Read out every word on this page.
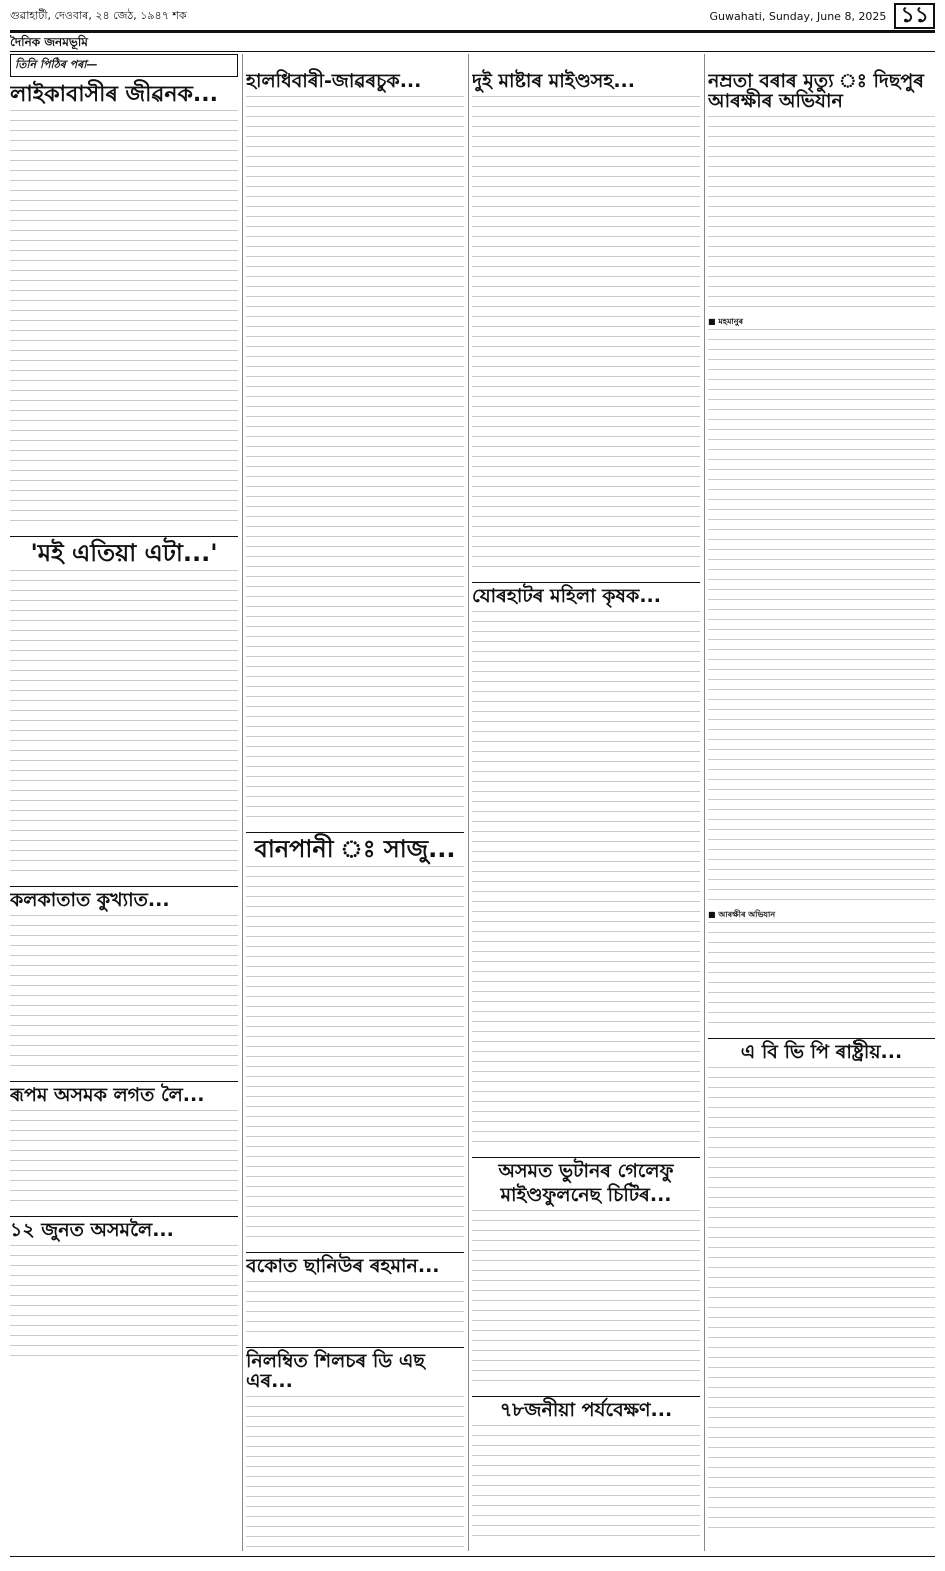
গুৱাহাটী, দেওবাৰ, ২৪ জেঠ, ১৯৪৭ শক	Guwahati, Sunday, June 8, 2025 ১১
দৈনিক জনমভূমি
তিনি পিঠিৰ পৰা—
লাইকাবাসীৰ জীৱনক...
'মই এতিয়া এটা...'
কলকাতাত কুখ্যাত...
ৰূপম অসমক লগত লৈ...
১২ জুনত অসমলৈ...
হালধিবাৰী-জাৱৰচুক...
বানপানী ঃ সাজু...
বকোত ছানিউৰ ৰহমান...
নিলম্বিত শিলচৰ ডি এছ এৰ...
দুই মাষ্টাৰ মাইণ্ডসহ...
যোৰহাটৰ মহিলা কৃষক...
অসমত ভুটানৰ গেলেফু
মাইণ্ডফুলনেছ চিটিৰ...
৭৮জনীয়া পৰ্যবেক্ষণ...
নম্ৰতা বৰাৰ মৃত্যু ঃ দিছপুৰ আৰক্ষীৰ অভিযান
■ মহমানুৰ
■ আৰক্ষীৰ অভিযান
এ বি ভি পি ৰাষ্ট্ৰীয়...
